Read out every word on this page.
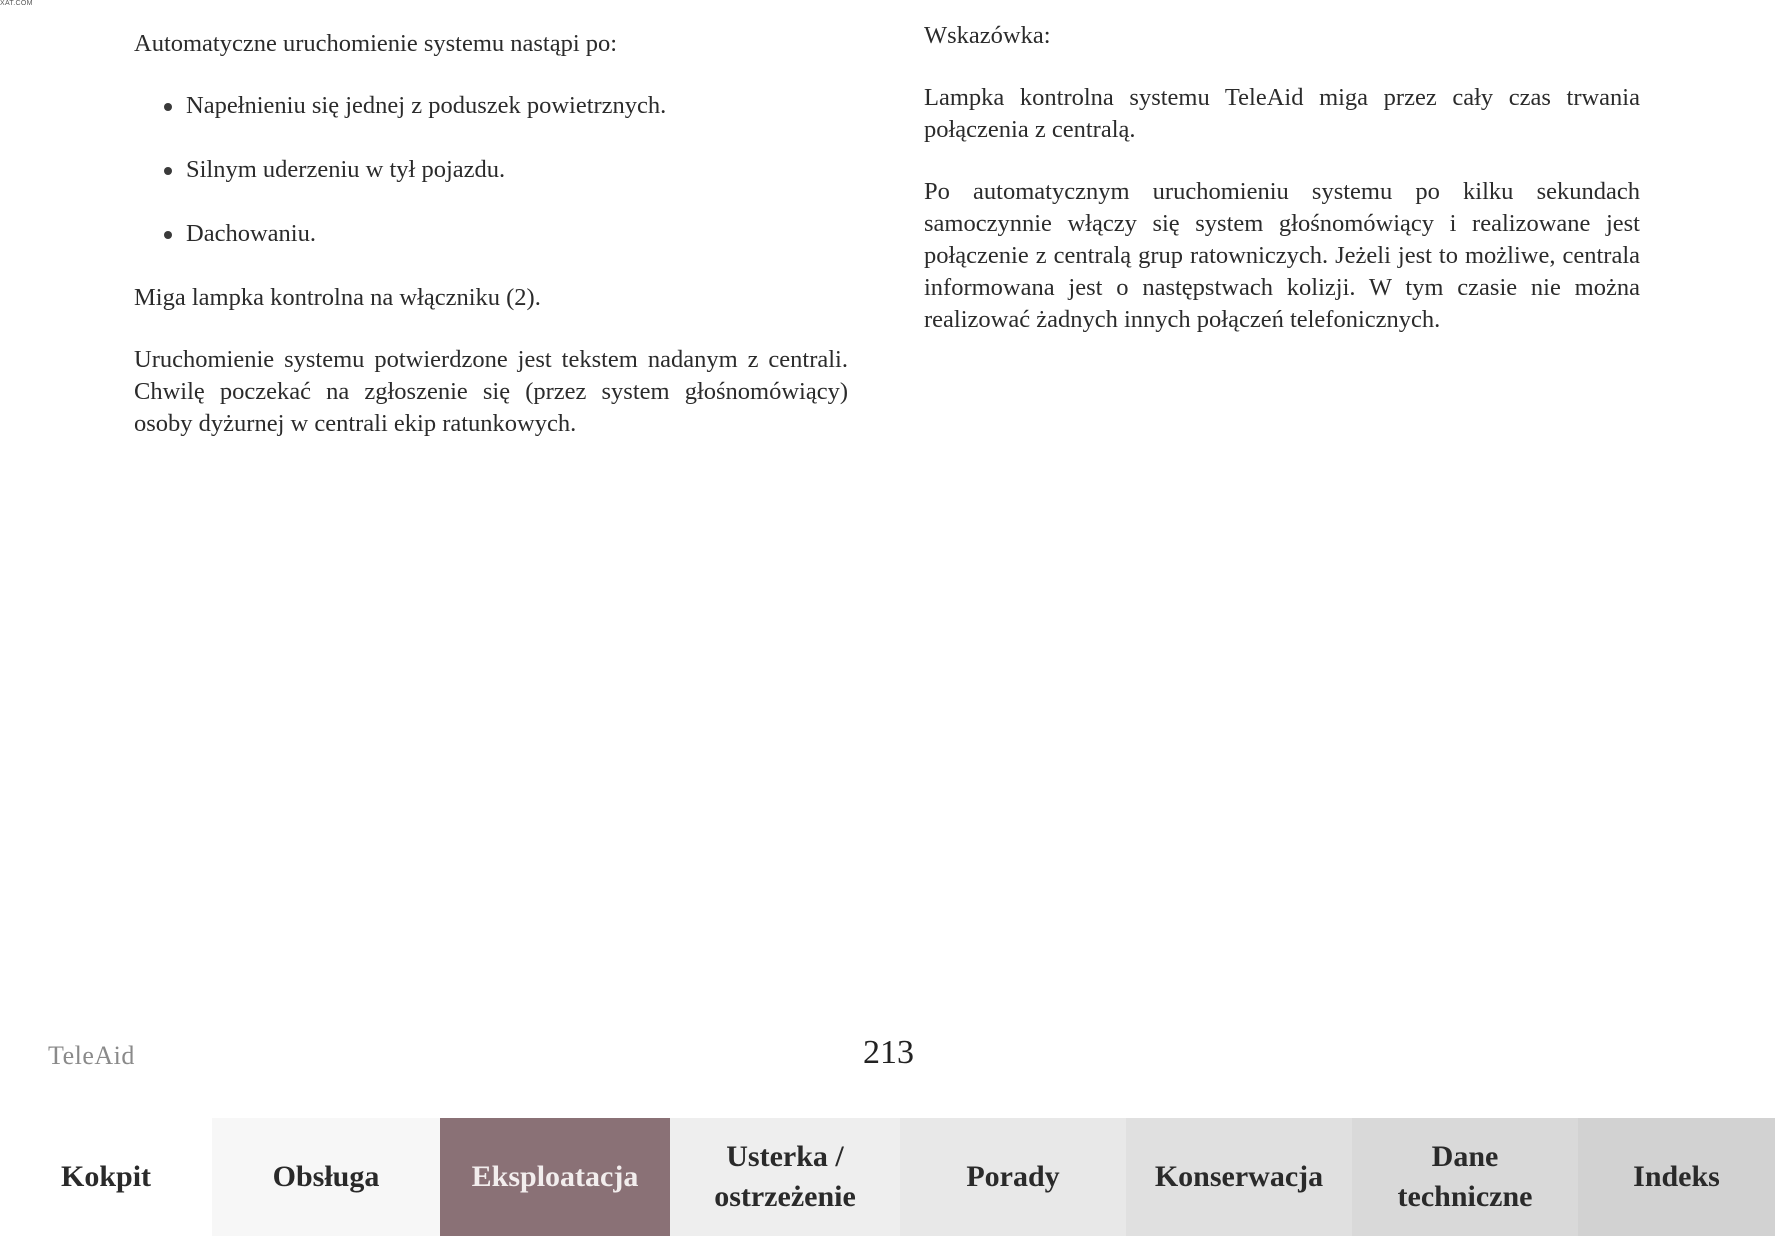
XAT.COM

Automatyczne uruchomienie systemu nastąpi po:

Napełnieniu się jednej z poduszek powietrznych.
Silnym uderzeniu w tył pojazdu.
Dachowaniu.

Miga lampka kontrolna na włączniku (2).

Uruchomienie systemu potwierdzone jest tekstem nadanym z centrali. Chwilę poczekać na zgłoszenie się (przez system głośnomówiący) osoby dyżurnej w centrali ekip ratunkowych.

Wskazówka:

Lampka kontrolna systemu TeleAid miga przez cały czas trwania połączenia z centralą.

Po automatycznym uruchomieniu systemu po kilku sekundach samoczynnie włączy się system głośnomówiący i realizowane jest połączenie z centralą grup ratowniczych. Jeżeli jest to możliwe, centrala informowana jest o następstwach kolizji. W tym czasie nie można realizować żadnych innych połączeń telefonicznych.

TeleAid	213
Kokpit	Obsługa	Eksploatacja
Usterka / ostrzeżenie
Porady	Konserwacja
Dane techniczne
Indeks
